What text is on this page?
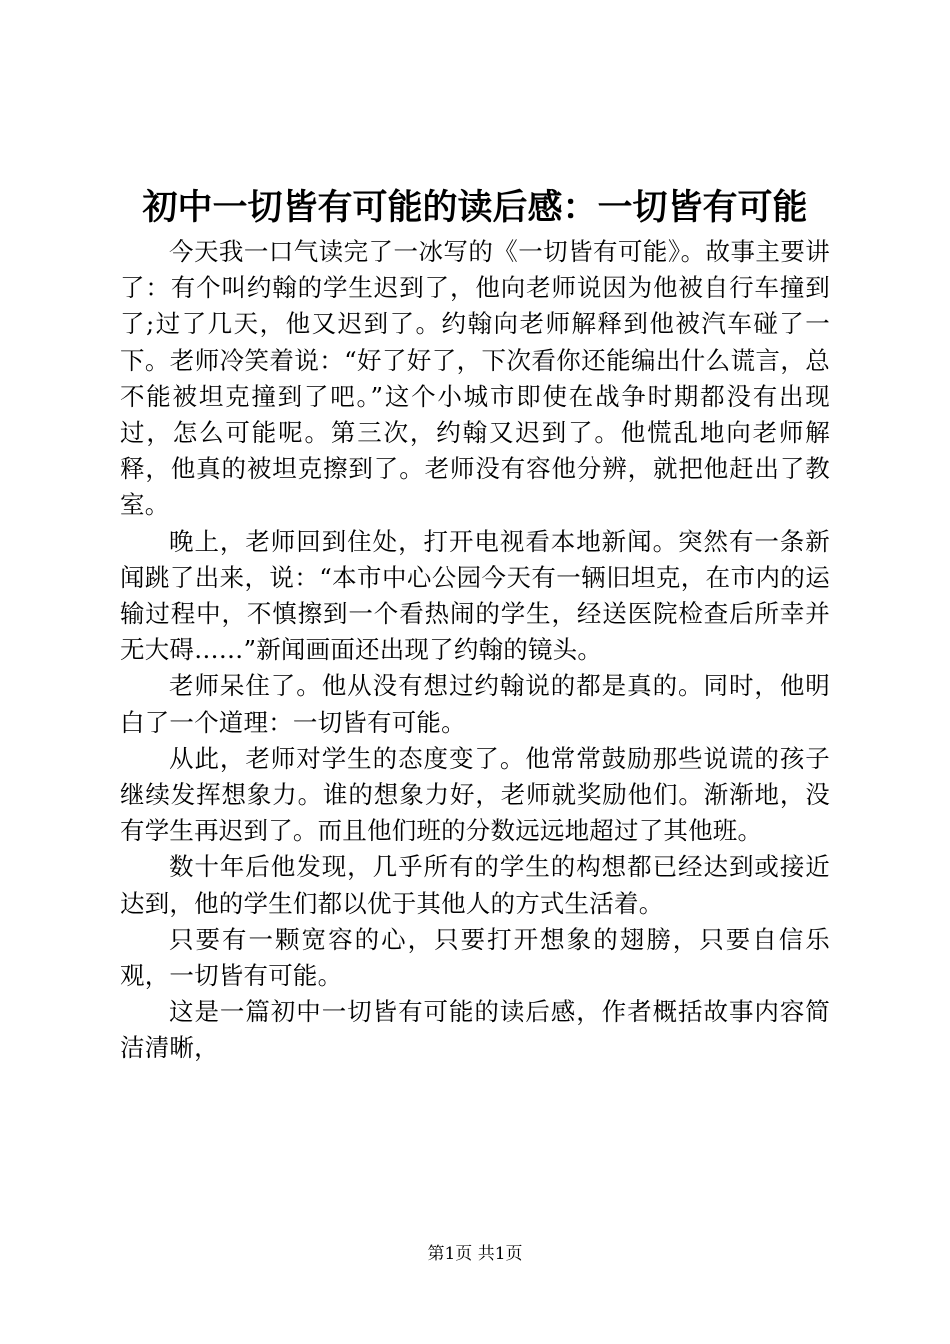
初中一切皆有可能的读后感：一切皆有可能

今天我一口气读完了一冰写的《一切皆有可能》。故事主要讲了：有个叫约翰的学生迟到了，他向老师说因为他被自行车撞到了;过了几天，他又迟到了。约翰向老师解释到他被汽车碰了一下。老师冷笑着说：“好了好了，下次看你还能编出什么谎言，总不能被坦克撞到了吧。”这个小城市即使在战争时期都没有出现过，怎么可能呢。第三次，约翰又迟到了。他慌乱地向老师解释，他真的被坦克擦到了。老师没有容他分辨，就把他赶出了教室。

晚上，老师回到住处，打开电视看本地新闻。突然有一条新闻跳了出来，说：“本市中心公园今天有一辆旧坦克，在市内的运输过程中，不慎擦到一个看热闹的学生，经送医院检查后所幸并无大碍……”新闻画面还出现了约翰的镜头。

老师呆住了。他从没有想过约翰说的都是真的。同时，他明白了一个道理：一切皆有可能。

从此，老师对学生的态度变了。他常常鼓励那些说谎的孩子继续发挥想象力。谁的想象力好，老师就奖励他们。渐渐地，没有学生再迟到了。而且他们班的分数远远地超过了其他班。

数十年后他发现，几乎所有的学生的构想都已经达到或接近达到，他的学生们都以优于其他人的方式生活着。

只要有一颗宽容的心，只要打开想象的翅膀，只要自信乐观，一切皆有可能。

这是一篇初中一切皆有可能的读后感，作者概括故事内容简洁清晰，

第1页 共1页
